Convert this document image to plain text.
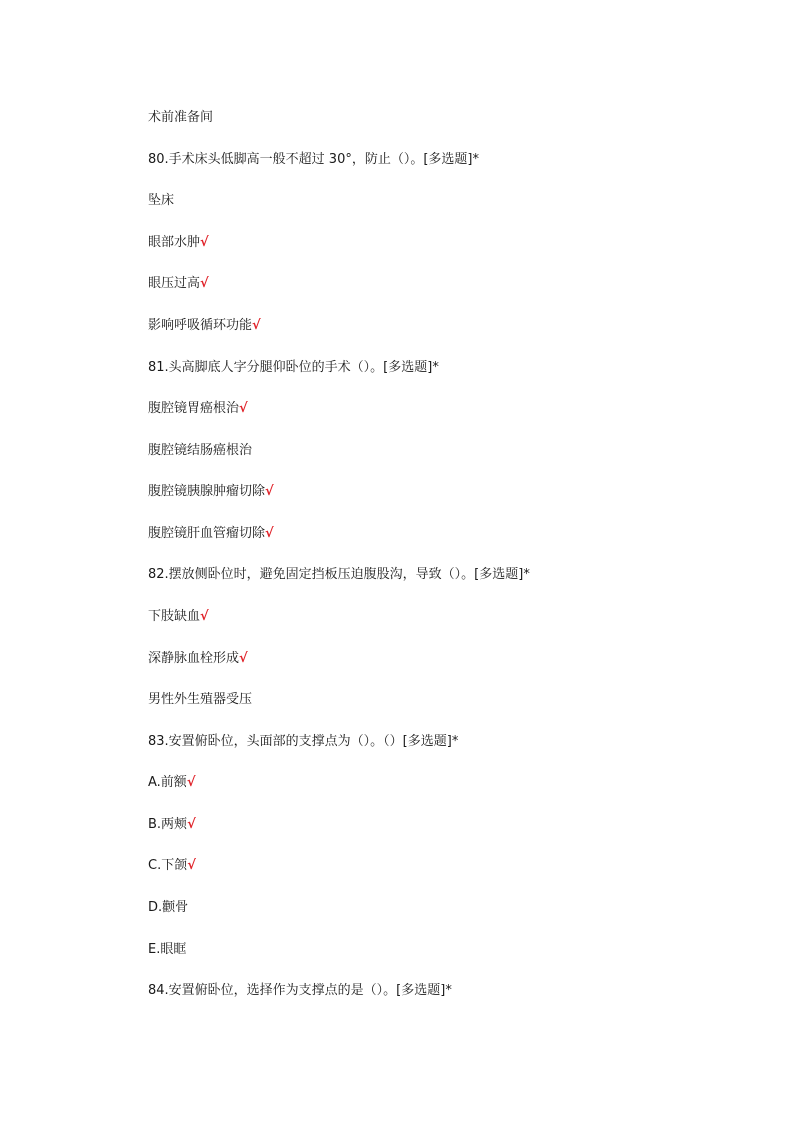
术前准备间
80.手术床头低脚高一般不超过 30°，防止（）。[多选题]*
坠床
眼部水肿√
眼压过高√
影响呼吸循环功能√
81.头高脚底人字分腿仰卧位的手术（）。[多选题]*
腹腔镜胃癌根治√
腹腔镜结肠癌根治
腹腔镜胰腺肿瘤切除√
腹腔镜肝血管瘤切除√
82.摆放侧卧位时，避免固定挡板压迫腹股沟，导致（）。[多选题]*
下肢缺血√
深静脉血栓形成√
男性外生殖器受压
83.安置俯卧位，头面部的支撑点为（）。（）[多选题]*
A.前额√
B.两颊√
C.下颌√
D.颧骨
E.眼眶
84.安置俯卧位，选择作为支撑点的是（）。[多选题]*
